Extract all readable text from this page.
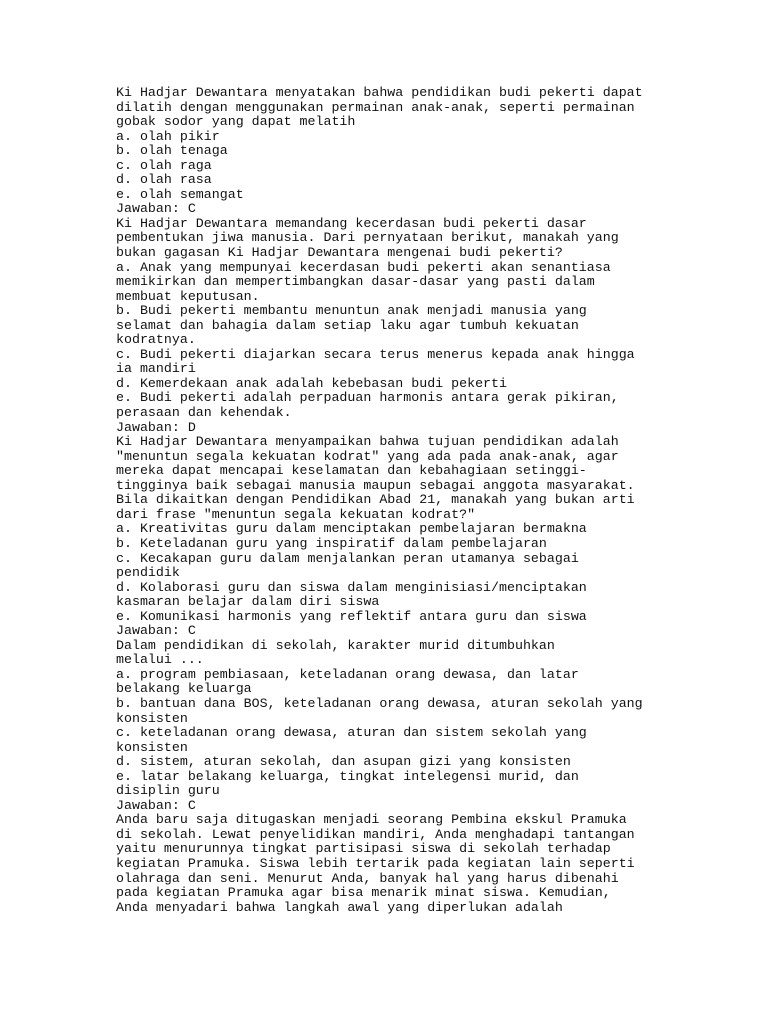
Ki Hadjar Dewantara menyatakan bahwa pendidikan budi pekerti dapat
dilatih dengan menggunakan permainan anak-anak, seperti permainan
gobak sodor yang dapat melatih
a. olah pikir
b. olah tenaga
c. olah raga
d. olah rasa
e. olah semangat
Jawaban: C
Ki Hadjar Dewantara memandang kecerdasan budi pekerti dasar
pembentukan jiwa manusia. Dari pernyataan berikut, manakah yang
bukan gagasan Ki Hadjar Dewantara mengenai budi pekerti?
a. Anak yang mempunyai kecerdasan budi pekerti akan senantiasa
memikirkan dan mempertimbangkan dasar-dasar yang pasti dalam
membuat keputusan.
b. Budi pekerti membantu menuntun anak menjadi manusia yang
selamat dan bahagia dalam setiap laku agar tumbuh kekuatan
kodratnya.
c. Budi pekerti diajarkan secara terus menerus kepada anak hingga
ia mandiri
d. Kemerdekaan anak adalah kebebasan budi pekerti
e. Budi pekerti adalah perpaduan harmonis antara gerak pikiran,
perasaan dan kehendak.
Jawaban: D
Ki Hadjar Dewantara menyampaikan bahwa tujuan pendidikan adalah
"menuntun segala kekuatan kodrat" yang ada pada anak-anak, agar
mereka dapat mencapai keselamatan dan kebahagiaan setinggi-
tingginya baik sebagai manusia maupun sebagai anggota masyarakat.
Bila dikaitkan dengan Pendidikan Abad 21, manakah yang bukan arti
dari frase "menuntun segala kekuatan kodrat?"
a. Kreativitas guru dalam menciptakan pembelajaran bermakna
b. Keteladanan guru yang inspiratif dalam pembelajaran
c. Kecakapan guru dalam menjalankan peran utamanya sebagai
pendidik
d. Kolaborasi guru dan siswa dalam menginisiasi/menciptakan
kasmaran belajar dalam diri siswa
e. Komunikasi harmonis yang reflektif antara guru dan siswa
Jawaban: C
Dalam pendidikan di sekolah, karakter murid ditumbuhkan
melalui ...
a. program pembiasaan, keteladanan orang dewasa, dan latar
belakang keluarga
b. bantuan dana BOS, keteladanan orang dewasa, aturan sekolah yang
konsisten
c. keteladanan orang dewasa, aturan dan sistem sekolah yang
konsisten
d. sistem, aturan sekolah, dan asupan gizi yang konsisten
e. latar belakang keluarga, tingkat intelegensi murid, dan
disiplin guru
Jawaban: C
Anda baru saja ditugaskan menjadi seorang Pembina ekskul Pramuka
di sekolah. Lewat penyelidikan mandiri, Anda menghadapi tantangan
yaitu menurunnya tingkat partisipasi siswa di sekolah terhadap
kegiatan Pramuka. Siswa lebih tertarik pada kegiatan lain seperti
olahraga dan seni. Menurut Anda, banyak hal yang harus dibenahi
pada kegiatan Pramuka agar bisa menarik minat siswa. Kemudian,
Anda menyadari bahwa langkah awal yang diperlukan adalah
